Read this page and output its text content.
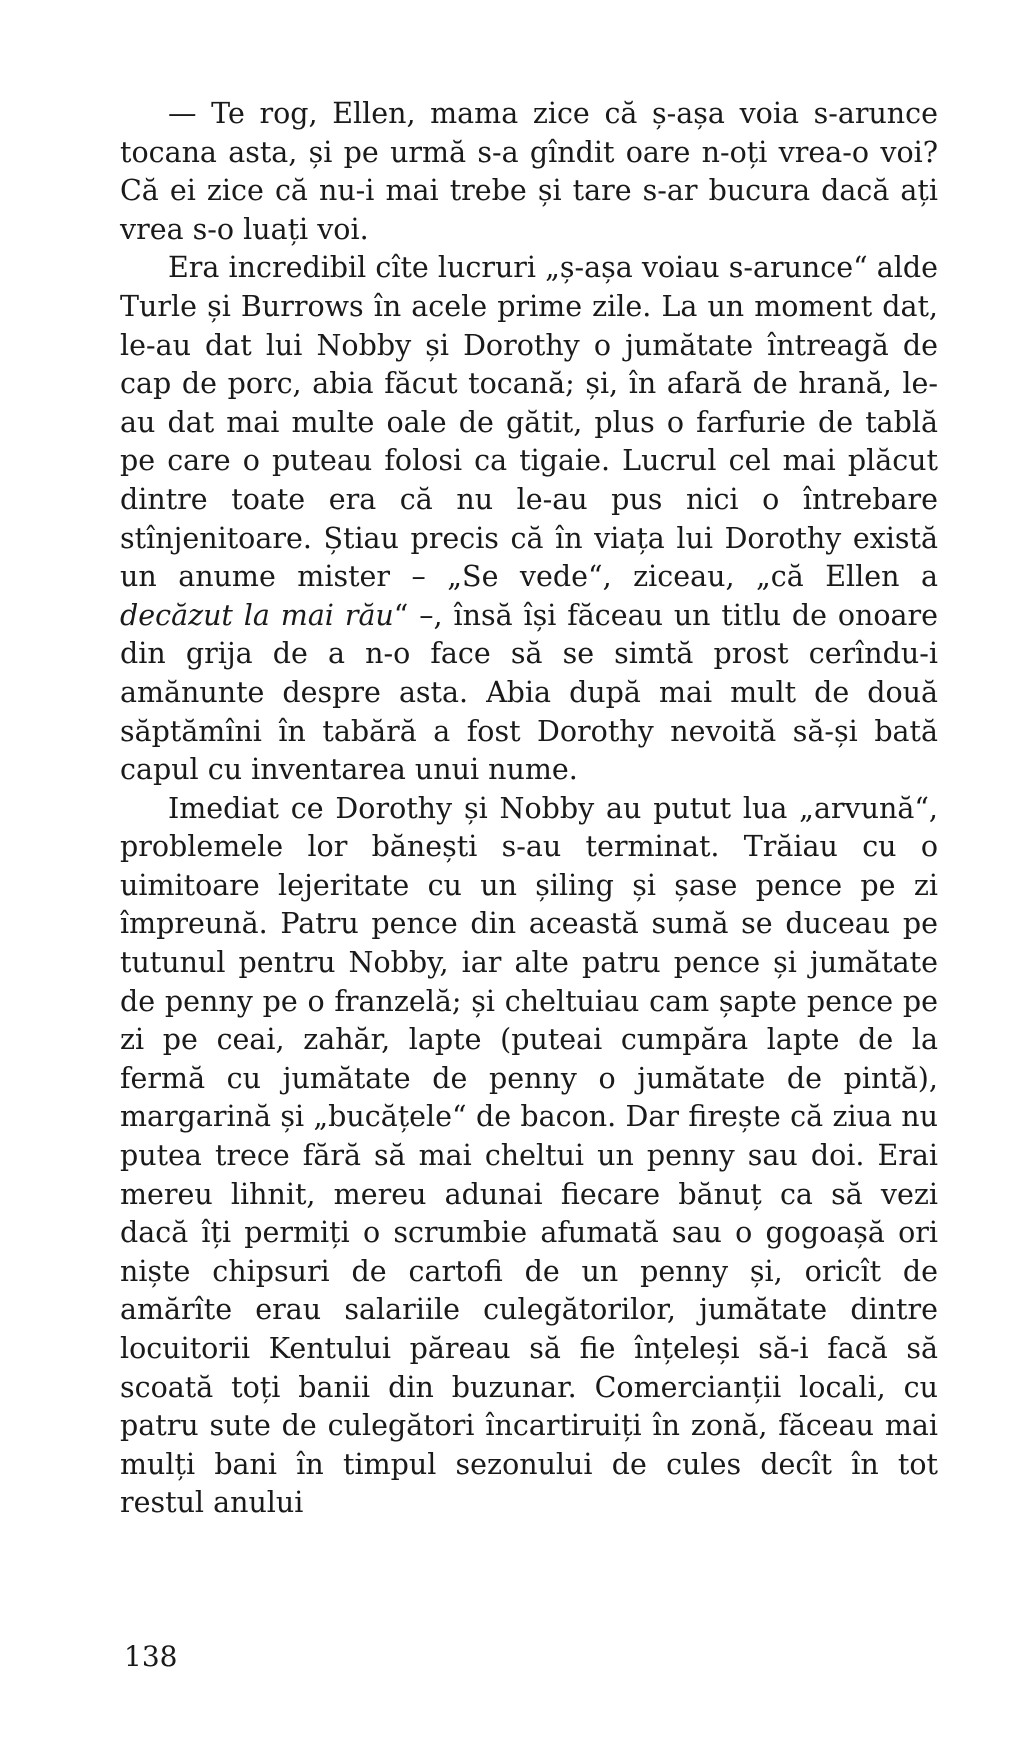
— Te rog, Ellen, mama zice că ș-așa voia s-arunce tocana asta, și pe urmă s-a gîndit oare n-oți vrea-o voi? Că ei zice că nu-i mai trebe și tare s-ar bucura dacă ați vrea s-o luați voi.

Era incredibil cîte lucruri „ș-așa voiau s-arunce“ alde Turle și Burrows în acele prime zile. La un moment dat, le-au dat lui Nobby și Dorothy o jumătate întreagă de cap de porc, abia făcut tocană; și, în afară de hrană, le-au dat mai multe oale de gătit, plus o farfurie de tablă pe care o puteau folosi ca tigaie. Lucrul cel mai plăcut dintre toate era că nu le-au pus nici o întrebare stînjenitoare. Știau precis că în viața lui Dorothy există un anume mister – „Se vede“, ziceau, „că Ellen a decăzut la mai rău“ –, însă își făceau un titlu de onoare din grija de a n-o face să se simtă prost cerîndu-i amănunte despre asta. Abia după mai mult de două săptămîni în tabără a fost Dorothy nevoită să-și bată capul cu inventarea unui nume.

Imediat ce Dorothy și Nobby au putut lua „arvună“, problemele lor bănești s-au terminat. Trăiau cu o uimitoare lejeritate cu un șiling și șase pence pe zi împreună. Patru pence din această sumă se duceau pe tutunul pentru Nobby, iar alte patru pence și jumătate de penny pe o franzelă; și cheltuiau cam șapte pence pe zi pe ceai, zahăr, lapte (puteai cumpăra lapte de la fermă cu jumătate de penny o jumătate de pintă), margarină și „bucățele“ de bacon. Dar firește că ziua nu putea trece fără să mai cheltui un penny sau doi. Erai mereu lihnit, mereu adunai fiecare bănuț ca să vezi dacă îți permiți o scrumbie afumată sau o gogoașă ori niște chipsuri de cartofi de un penny și, oricît de amărîte erau salariile culegătorilor, jumătate dintre locuitorii Kentului păreau să fie înțeleși să-i facă să scoată toți banii din buzunar. Comercianții locali, cu patru sute de culegători încartiruiți în zonă, făceau mai mulți bani în timpul sezonului de cules decît în tot restul anului

138
